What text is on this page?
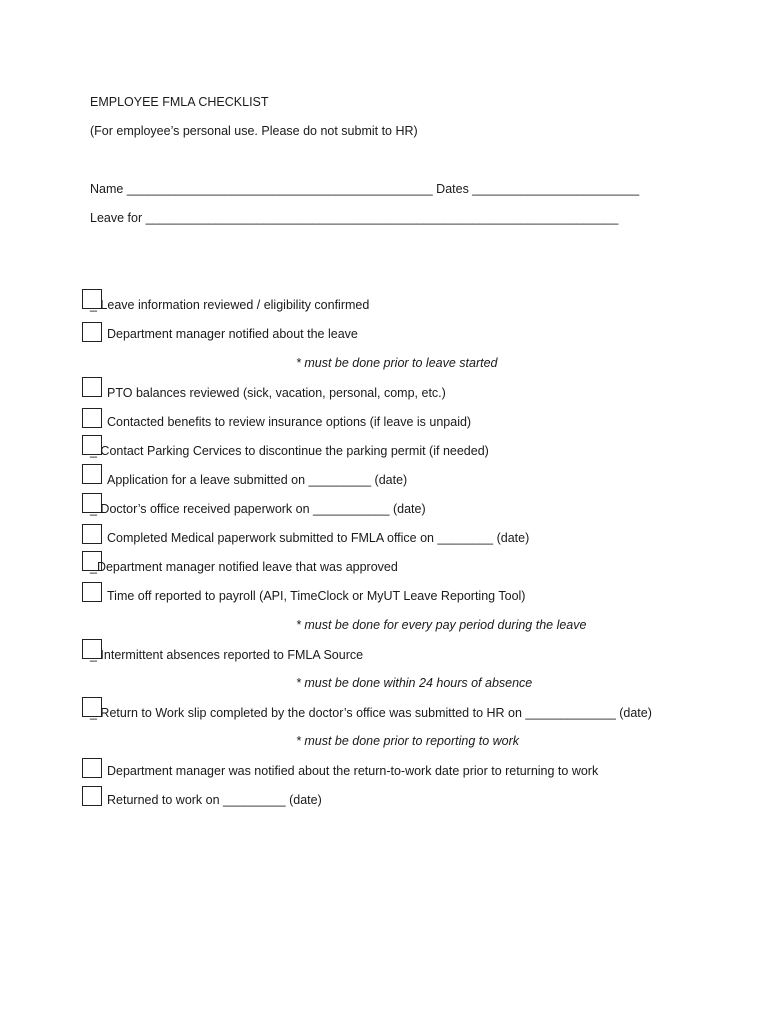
EMPLOYEE FMLA CHECKLIST
(For employee’s personal use. Please do not submit to HR)
Name ____________________________________________ Dates ________________________
Leave for ____________________________________________________________________
_ Leave information reviewed / eligibility confirmed
Department manager notified about the leave
* must be done prior to leave started
PTO balances reviewed (sick, vacation, personal, comp, etc.)
Contacted benefits to review insurance options (if leave is unpaid)
_ Contact Parking Cervices to discontinue the parking permit (if needed)
Application for a leave submitted on _________ (date)
_ Doctor’s office received paperwork on ___________ (date)
Completed Medical paperwork submitted to FMLA office on ________ (date)
_Department manager notified leave that was approved
Time off reported to payroll (API, TimeClock or MyUT Leave Reporting Tool)
* must be done for every pay period during the leave
_ Intermittent absences reported to FMLA Source
* must be done within 24 hours of absence
_ Return to Work slip completed by the doctor’s office was submitted to HR on _____________ (date)
* must be done prior to reporting to work
Department manager was notified about the return-to-work date prior to returning to work
Returned to work on _________ (date)
